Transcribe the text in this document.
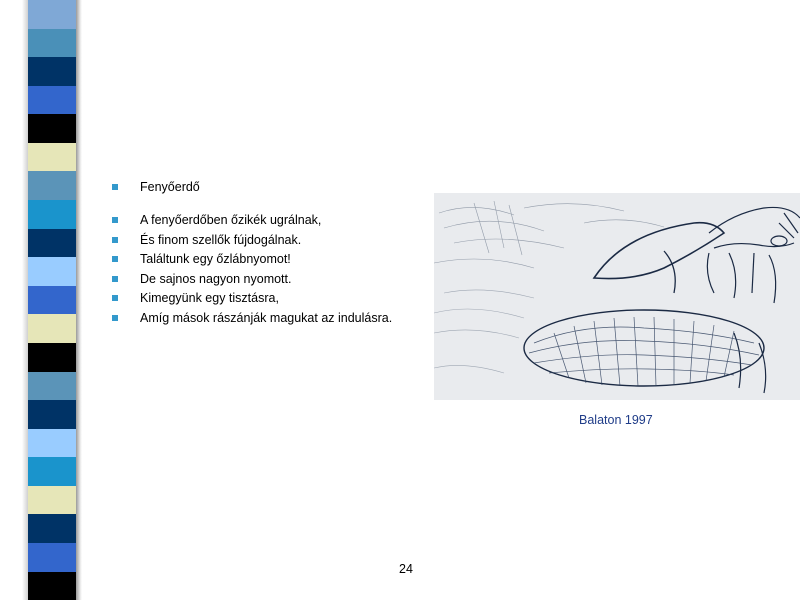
Fenyőerdő
A fenyőerdőben őzikék ugrálnak,
És finom szellők fújdogálnak.
Találtunk egy őzlábnyomot!
De sajnos nagyon nyomott.
Kimegyünk egy tisztásra,
Amíg mások rászánják magukat az indulásra.
Balaton 1997
24
